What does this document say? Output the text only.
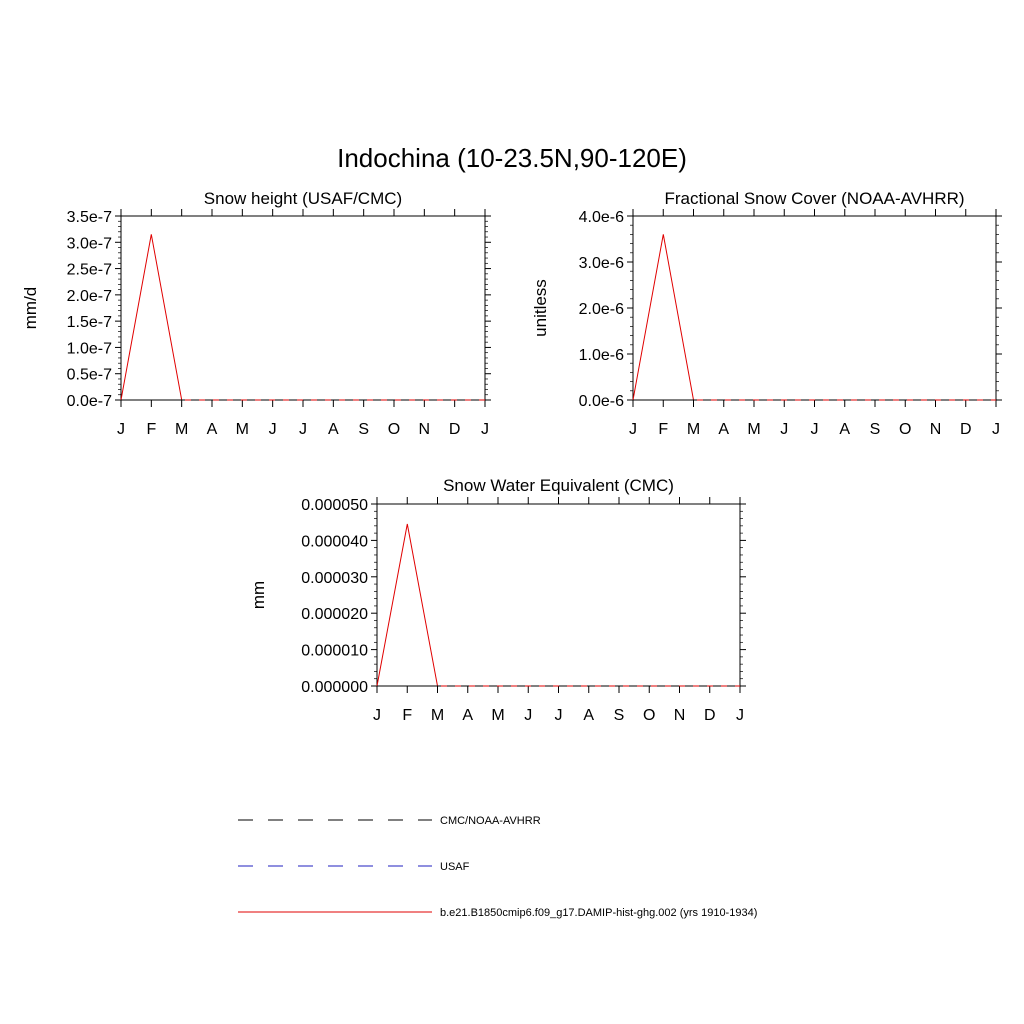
Indochina (10-23.5N,90-120E)
Snow height (USAF/CMC)
mm/d
0.0e-7
0.5e-7
1.0e-7
1.5e-7
2.0e-7
2.5e-7
3.0e-7
3.5e-7
J F M A M J J A S O N D J
Fractional Snow Cover (NOAA-AVHRR)
unitless
0.0e-6
1.0e-6
2.0e-6
3.0e-6
4.0e-6
J F M A M J J A S O N D J
Snow Water Equivalent (CMC)
mm
0.000000
0.000010
0.000020
0.000030
0.000040
0.000050
J F M A M J J A S O N D J
CMC/NOAA-AVHRR
USAF
b.e21.B1850cmip6.f09_g17.DAMIP-hist-ghg.002 (yrs 1910-1934)
